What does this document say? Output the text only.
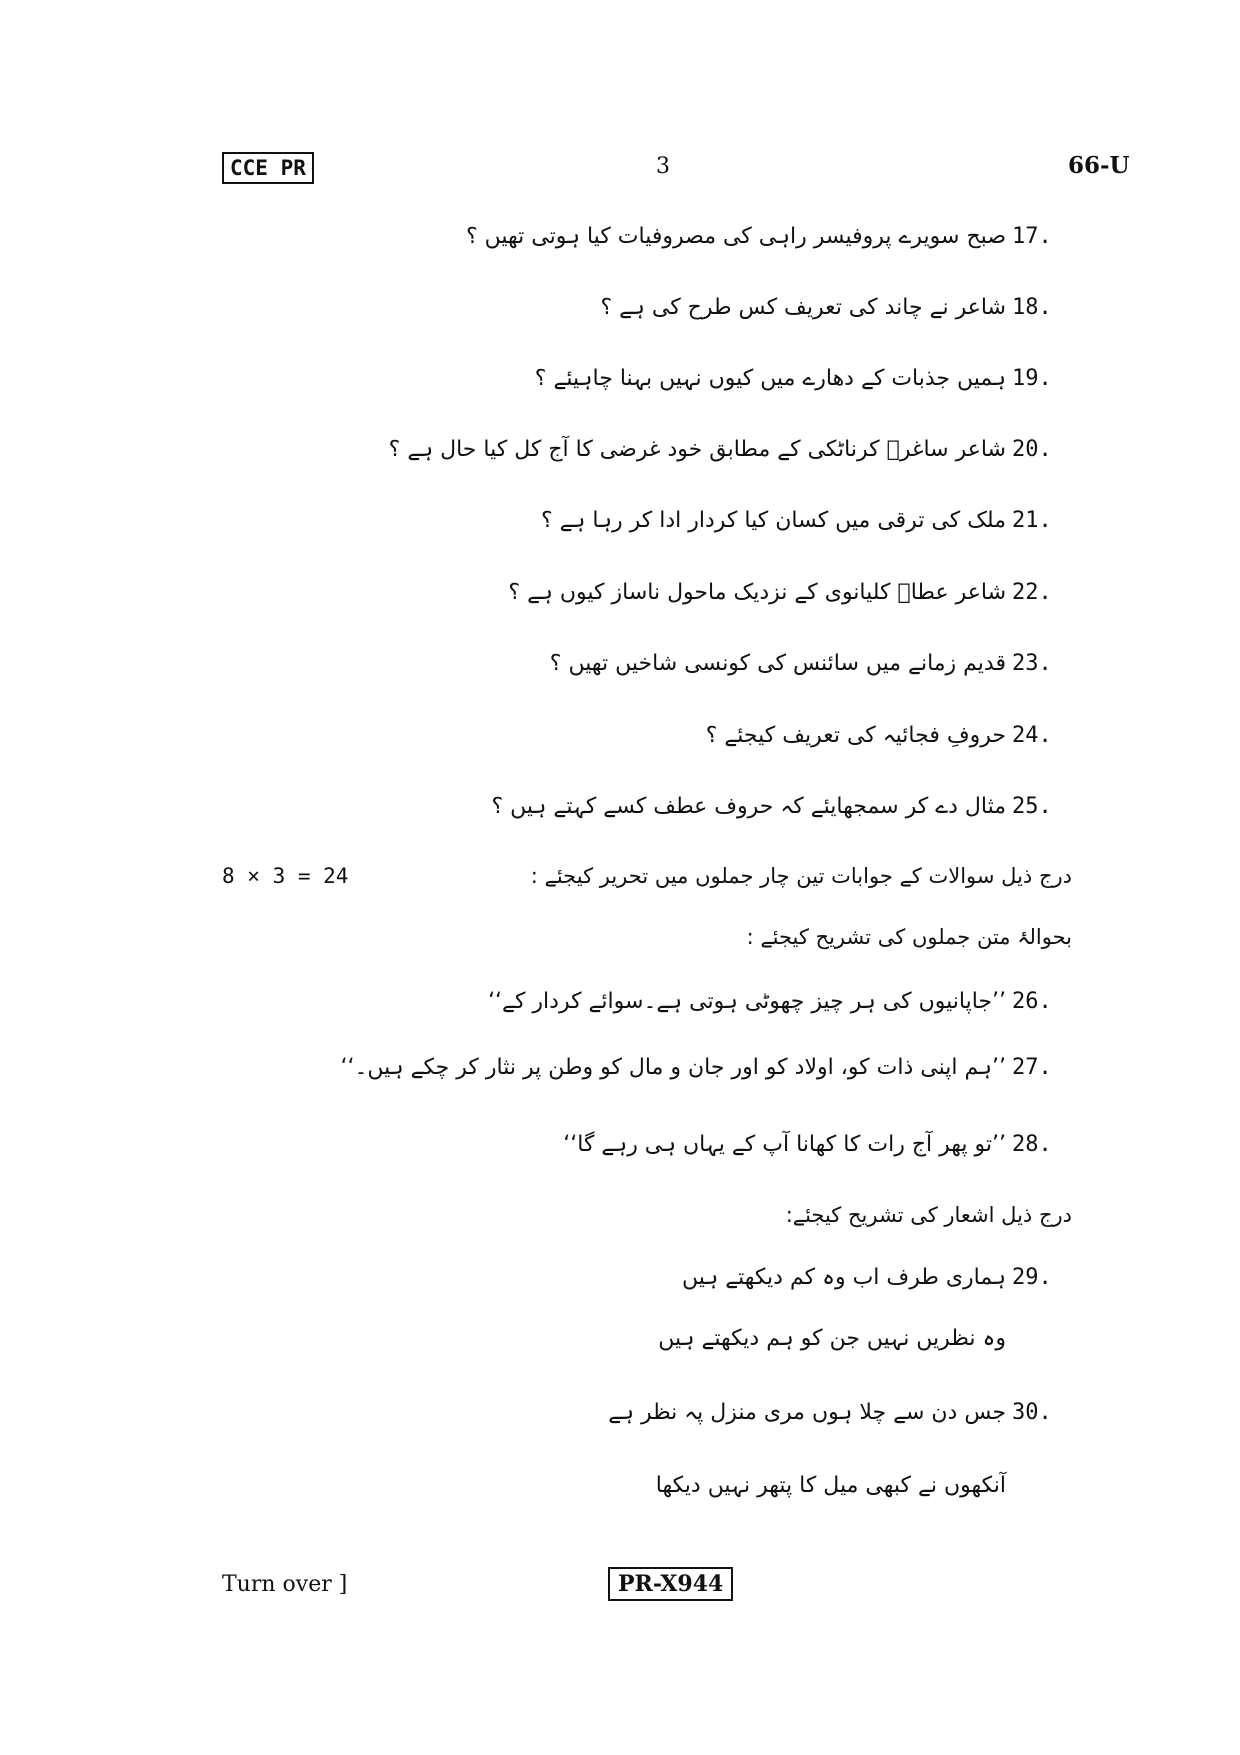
CCE PR	3	66-U
17.
صبح سویرے پروفیسر راہی کی مصروفیات کیا ہوتی تھیں ؟
18.
شاعر نے چاند کی تعریف کس طرح کی ہے ؟
19.
ہمیں جذبات کے دھارے میں کیوں نہیں بہنا چاہیئے ؟
20.
شاعر ساغرؔ کرناٹکی کے مطابق خود غرضی کا آج کل کیا حال ہے ؟
21.
ملک کی ترقی میں کسان کیا کردار ادا کر رہا ہے ؟
22.
شاعر عطاؔ کلیانوی کے نزدیک ماحول ناساز کیوں ہے ؟
23.
قدیم زمانے میں سائنس کی کونسی شاخیں تھیں ؟
24.
حروفِ فجائیہ کی تعریف کیجئے ؟
25.
مثال دے کر سمجھایئے کہ حروف عطف کسے کہتے ہیں ؟
8 × 3 = 24	درج ذیل سوالات کے جوابات تین چار جملوں میں تحریر کیجئے :
بحوالۂ متن جملوں کی تشریح کیجئے :
26.
’’جاپانیوں کی ہر چیز چھوٹی ہوتی ہے۔سوائے کردار کے‘‘
27.
’’ہم اپنی ذات کو، اولاد کو اور جان و مال کو وطن پر نثار کر چکے ہیں۔‘‘
28.
’’تو پھر آج رات کا کھانا آپ کے یہاں ہی رہے گا‘‘
درج ذیل اشعار کی تشریح کیجئے:
29.
ہماری طرف اب وہ کم دیکھتے ہیں
وہ نظریں نہیں جن کو ہم دیکھتے ہیں
30.
جس دن سے چلا ہوں مری منزل پہ نظر ہے
آنکھوں نے کبھی میل کا پتھر نہیں دیکھا
Turn over ]	PR-X944
